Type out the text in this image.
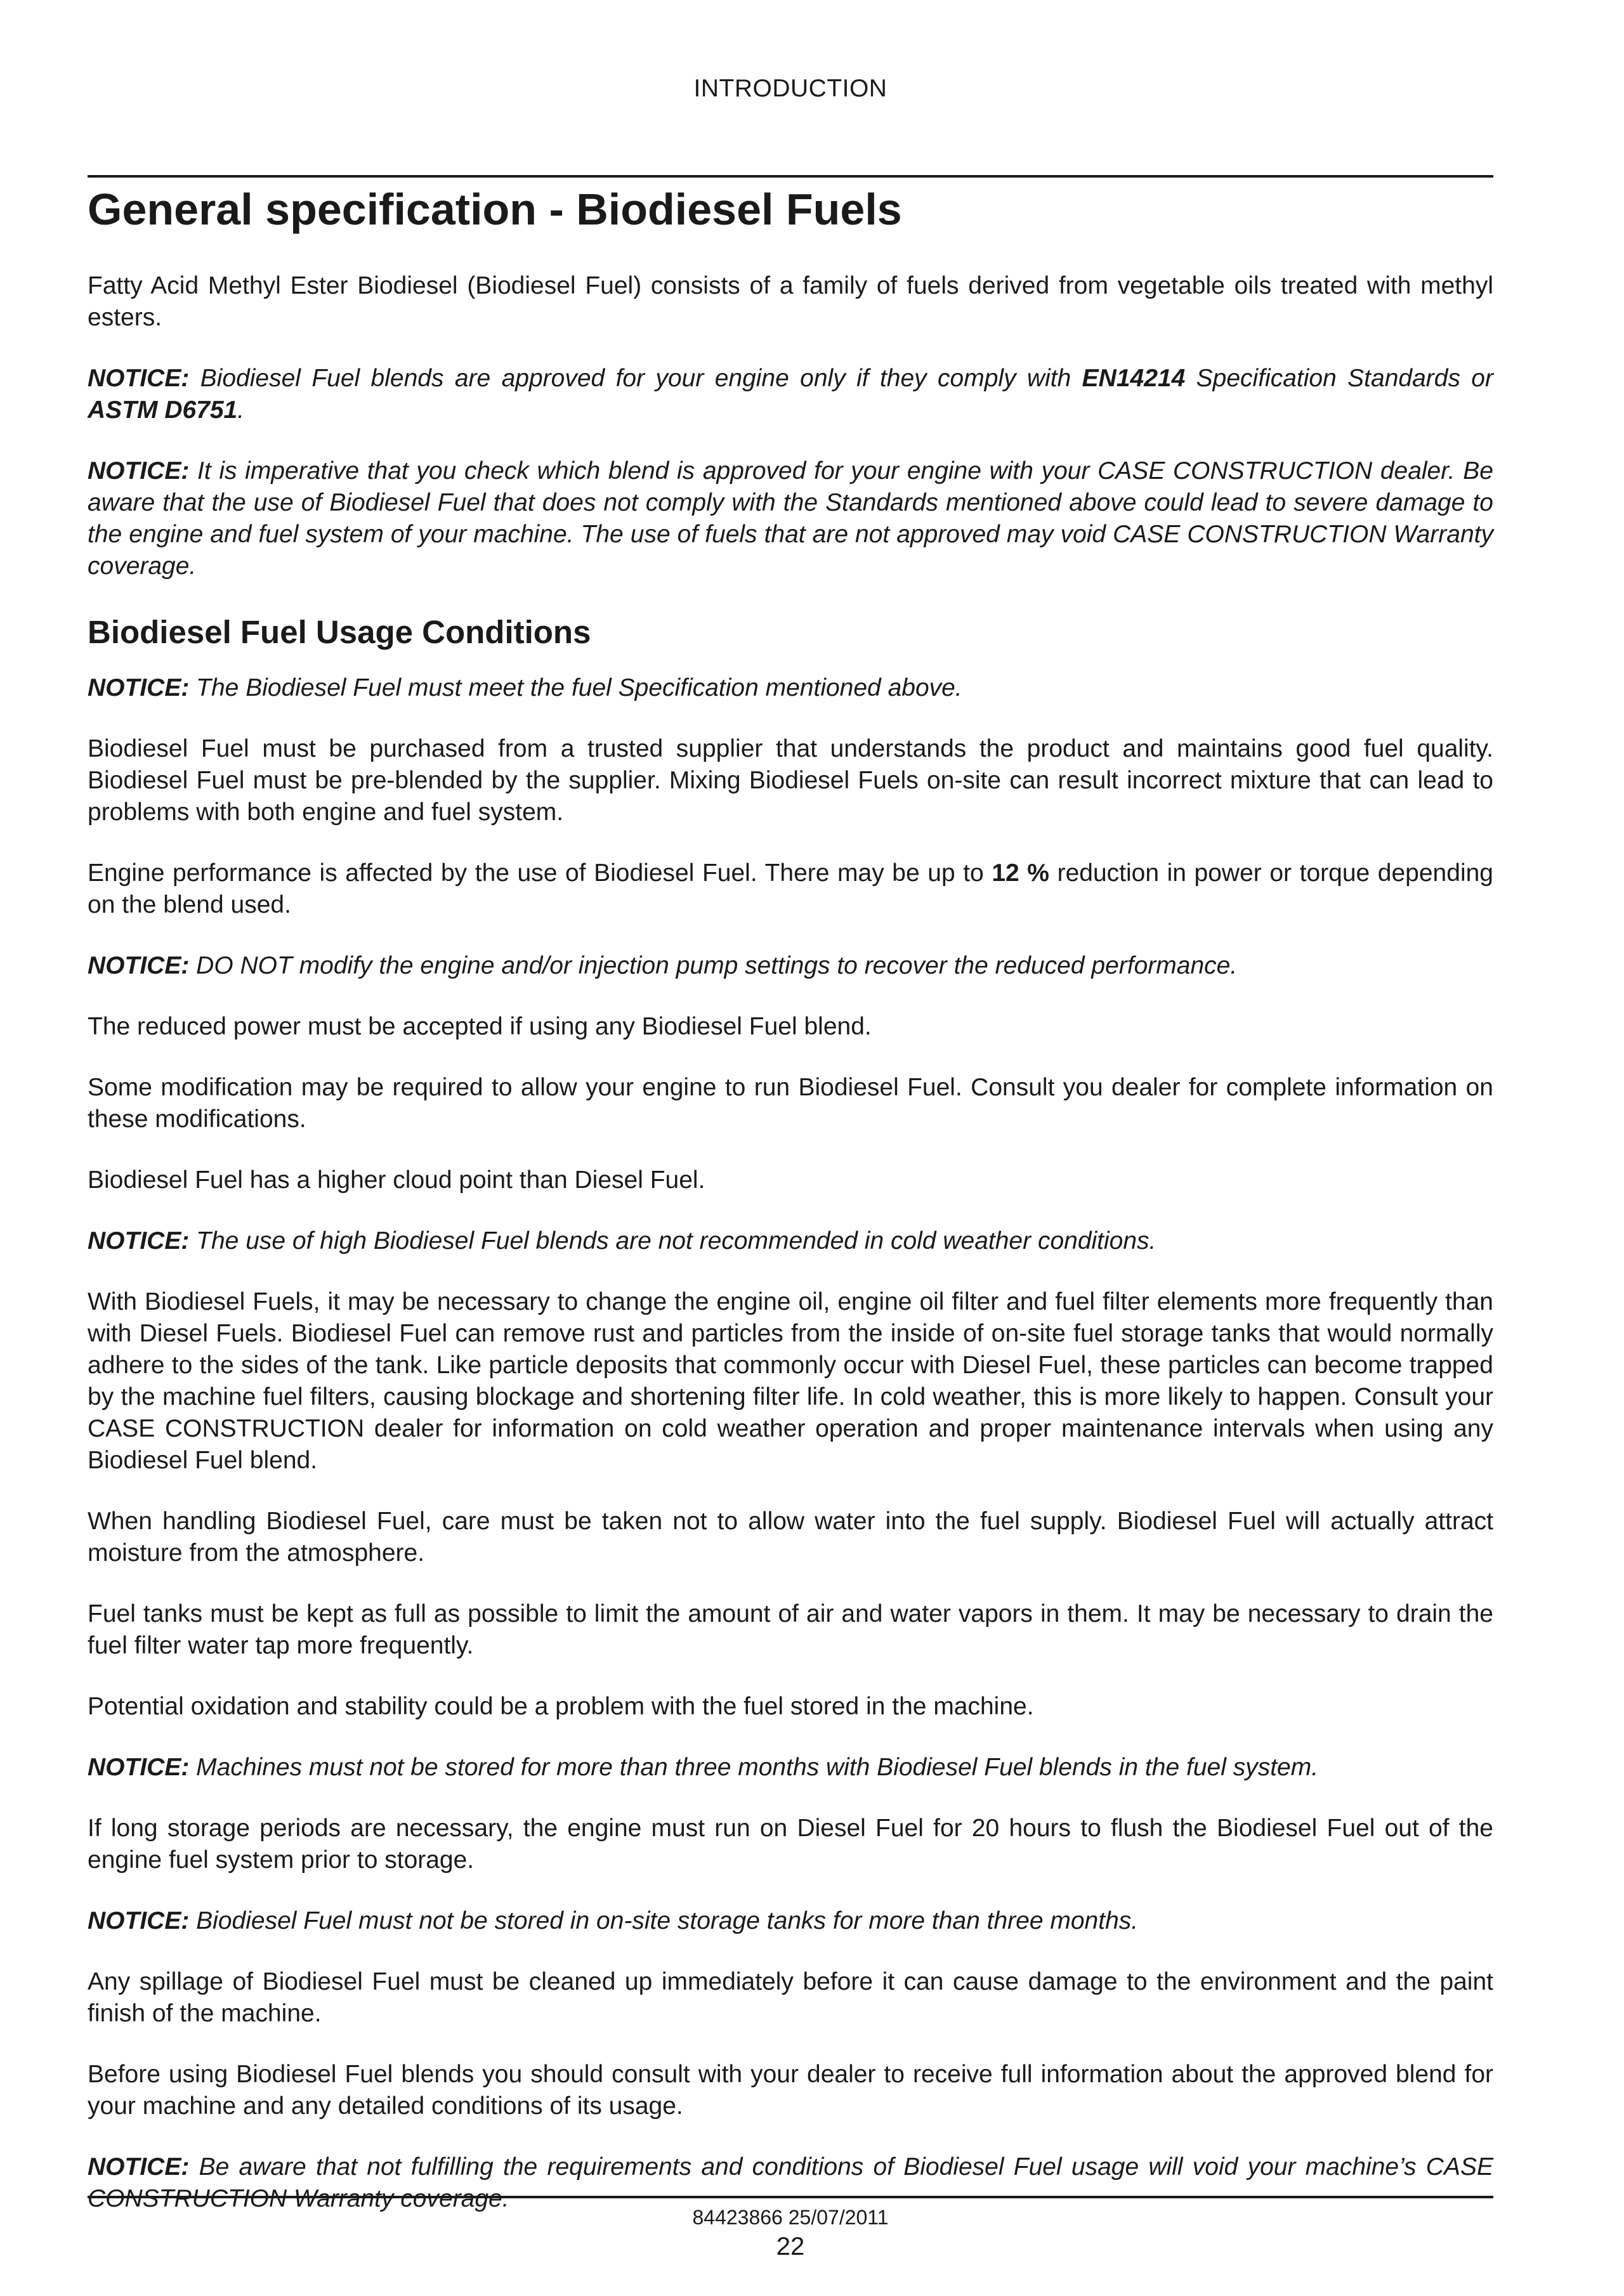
INTRODUCTION
General specification - Biodiesel Fuels

Fatty Acid Methyl Ester Biodiesel (Biodiesel Fuel) consists of a family of fuels derived from vegetable oils treated with methyl esters.

NOTICE: Biodiesel Fuel blends are approved for your engine only if they comply with EN14214 Specification Standards or ASTM D6751.

NOTICE: It is imperative that you check which blend is approved for your engine with your CASE CONSTRUCTION dealer. Be aware that the use of Biodiesel Fuel that does not comply with the Standards mentioned above could lead to severe damage to the engine and fuel system of your machine. The use of fuels that are not approved may void CASE CONSTRUCTION Warranty coverage.

Biodiesel Fuel Usage Conditions

NOTICE: The Biodiesel Fuel must meet the fuel Specification mentioned above.

Biodiesel Fuel must be purchased from a trusted supplier that understands the product and maintains good fuel quality. Biodiesel Fuel must be pre-blended by the supplier. Mixing Biodiesel Fuels on-site can result incorrect mixture that can lead to problems with both engine and fuel system.

Engine performance is affected by the use of Biodiesel Fuel. There may be up to 12 % reduction in power or torque depending on the blend used.

NOTICE: DO NOT modify the engine and/or injection pump settings to recover the reduced performance.

The reduced power must be accepted if using any Biodiesel Fuel blend.

Some modification may be required to allow your engine to run Biodiesel Fuel. Consult you dealer for complete information on these modifications.

Biodiesel Fuel has a higher cloud point than Diesel Fuel.

NOTICE: The use of high Biodiesel Fuel blends are not recommended in cold weather conditions.

With Biodiesel Fuels, it may be necessary to change the engine oil, engine oil filter and fuel filter elements more frequently than with Diesel Fuels. Biodiesel Fuel can remove rust and particles from the inside of on-site fuel storage tanks that would normally adhere to the sides of the tank. Like particle deposits that commonly occur with Diesel Fuel, these particles can become trapped by the machine fuel filters, causing blockage and shortening filter life. In cold weather, this is more likely to happen. Consult your CASE CONSTRUCTION dealer for information on cold weather operation and proper maintenance intervals when using any Biodiesel Fuel blend.

When handling Biodiesel Fuel, care must be taken not to allow water into the fuel supply. Biodiesel Fuel will actually attract moisture from the atmosphere.

Fuel tanks must be kept as full as possible to limit the amount of air and water vapors in them. It may be necessary to drain the fuel filter water tap more frequently.

Potential oxidation and stability could be a problem with the fuel stored in the machine.

NOTICE: Machines must not be stored for more than three months with Biodiesel Fuel blends in the fuel system.

If long storage periods are necessary, the engine must run on Diesel Fuel for 20 hours to flush the Biodiesel Fuel out of the engine fuel system prior to storage.

NOTICE: Biodiesel Fuel must not be stored in on-site storage tanks for more than three months.

Any spillage of Biodiesel Fuel must be cleaned up immediately before it can cause damage to the environment and the paint finish of the machine.

Before using Biodiesel Fuel blends you should consult with your dealer to receive full information about the approved blend for your machine and any detailed conditions of its usage.

NOTICE: Be aware that not fulfilling the requirements and conditions of Biodiesel Fuel usage will void your machine’s CASE CONSTRUCTION Warranty coverage.

84423866 25/07/2011
22
